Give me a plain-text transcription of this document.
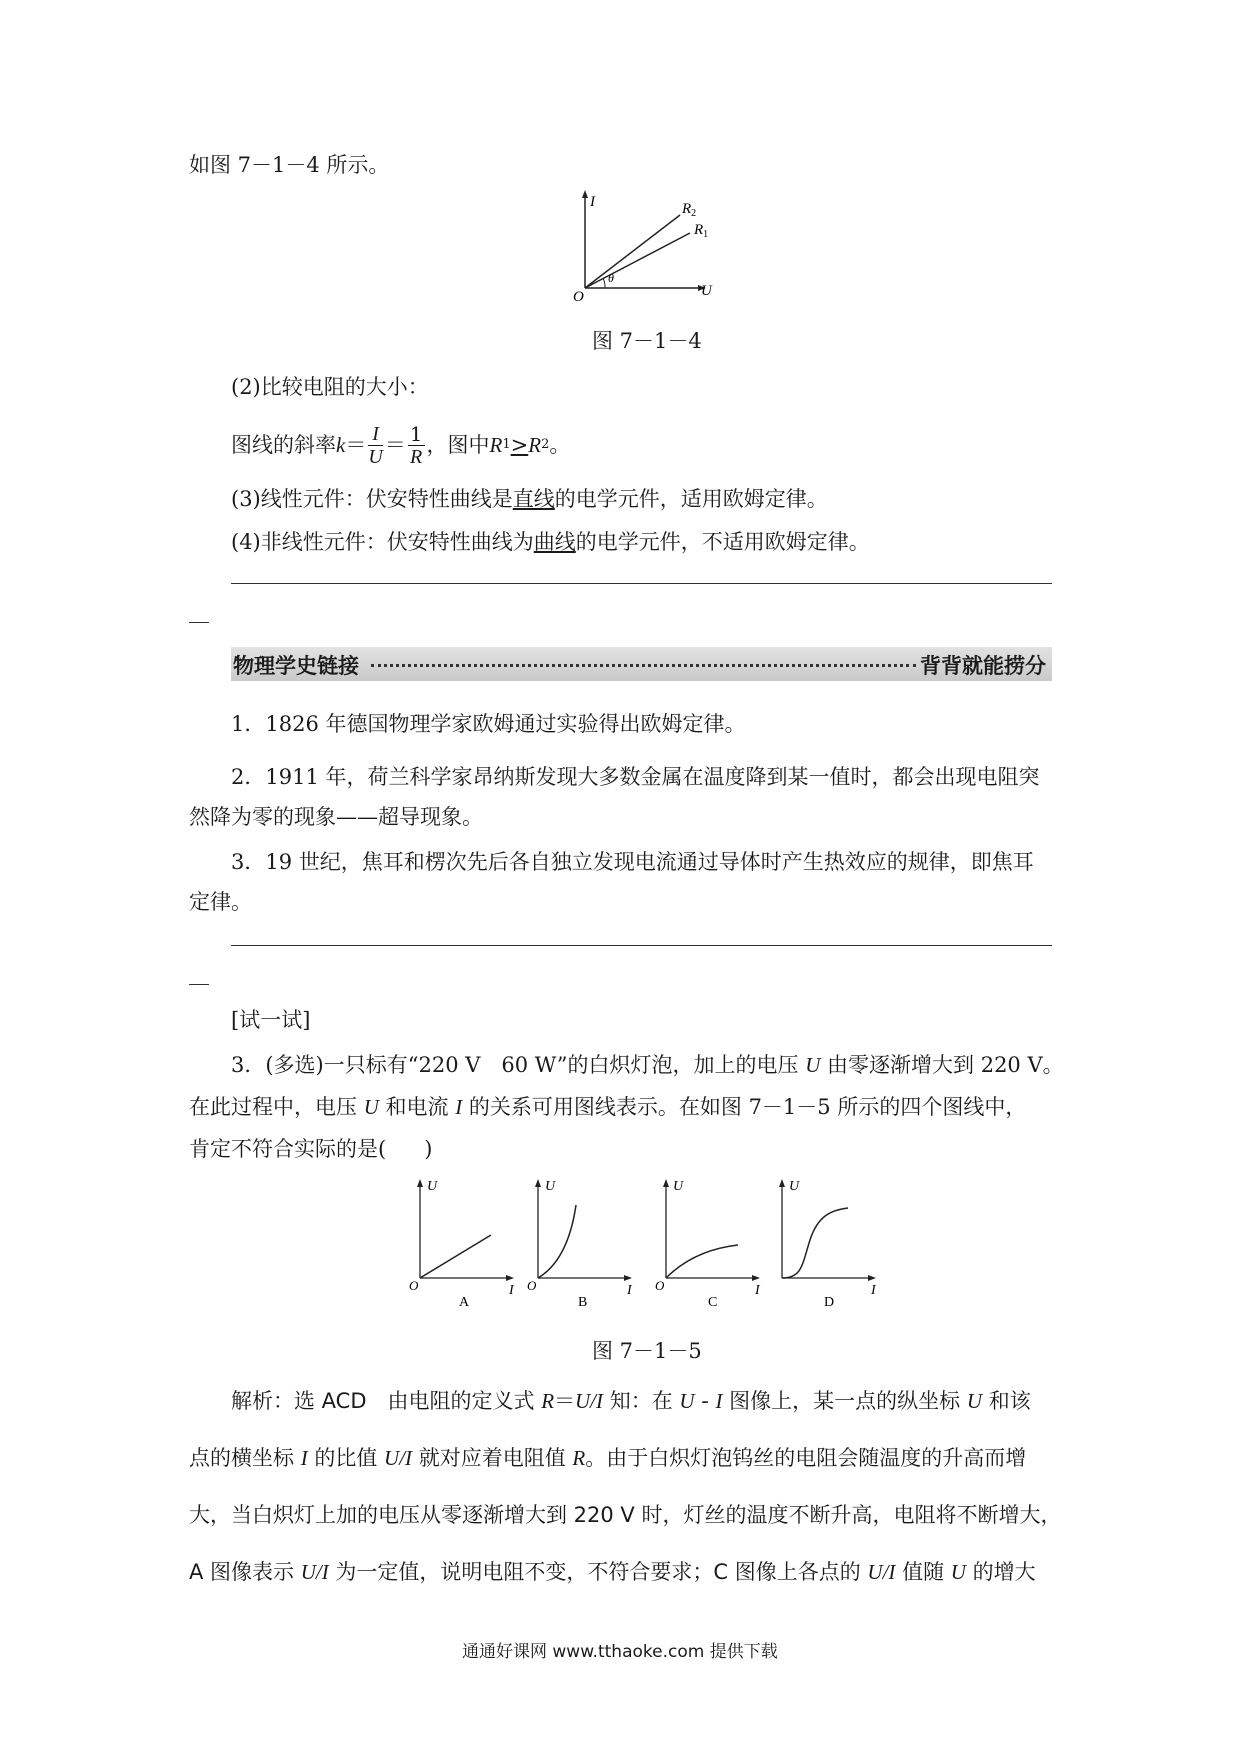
如图 7－1－4 所示。
I
U
O
$R_2$
$R_1$
θ
图 7－1－4
(2)比较电阻的大小：
图线的斜率 $k = \frac{I}{U} = \frac{1}{R}$ ，图中 R 1 > R 2 。
(3)线性元件：伏安特性曲线是直线的电学元件，适用欧姆定律。
(4)非线性元件：伏安特性曲线为曲线的电学元件，不适用欧姆定律。
物理学史链接	背背就能捞分
1．1826 年德国物理学家欧姆通过实验得出欧姆定律。
2．1911 年，荷兰科学家昂纳斯发现大多数金属在温度降到某一值时，都会出现电阻突
然降为零的现象——超导现象。
3．19 世纪，焦耳和楞次先后各自独立发现电流通过导体时产生热效应的规律，即焦耳
定律。
[试一试]
3．(多选)一只标有“220 V　60 W”的白炽灯泡，加上的电压 U 由零逐渐增大到 220 V。
在此过程中，电压 U 和电流 I 的关系可用图线表示。在如图 7－1－5 所示的四个图线中，
肯定不符合实际的是( )
U
I
O
A
U
I
O
B
U
I
O
C
U
I
D
图 7－1－5
解析：选 ACD　由电阻的定义式 R＝U/I 知：在 U - I 图像上，某一点的纵坐标 U 和该
点的横坐标 I 的比值 U/I 就对应着电阻值 R。由于白炽灯泡钨丝的电阻会随温度的升高而增
大，当白炽灯上加的电压从零逐渐增大到 220 V 时，灯丝的温度不断升高，电阻将不断增大，
A 图像表示 U/I 为一定值，说明电阻不变，不符合要求；C 图像上各点的 U/I 值随 U 的增大
通通好课网 www.tthaoke.com 提供下载
